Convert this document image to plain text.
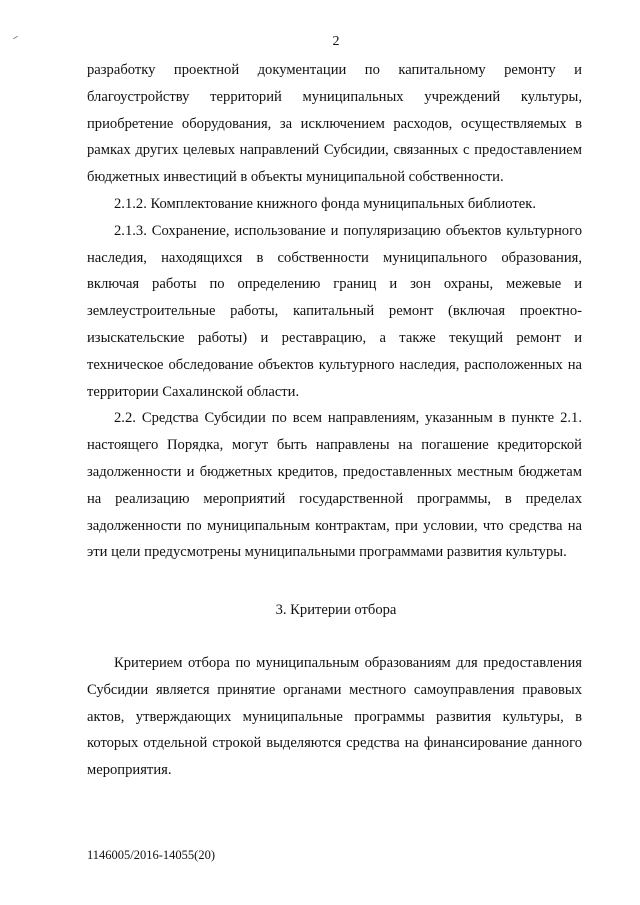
2

разработку проектной документации по капитальному ремонту и благоустройству территорий муниципальных учреждений культуры, приобретение оборудования, за исключением расходов, осуществляемых в рамках других целевых направлений Субсидии, связанных с предоставлением бюджетных инвестиций в объекты муниципальной собственности.

2.1.2. Комплектование книжного фонда муниципальных библиотек.

2.1.3. Сохранение, использование и популяризацию объектов культурного наследия, находящихся в собственности муниципального образования, включая работы по определению границ и зон охраны, межевые и землеустроительные работы, капитальный ремонт (включая проектно-изыскательские работы) и реставрацию, а также текущий ремонт и техническое обследование объектов культурного наследия, расположенных на территории Сахалинской области.

2.2. Средства Субсидии по всем направлениям, указанным в пункте 2.1. настоящего Порядка, могут быть направлены на погашение кредиторской задолженности и бюджетных кредитов, предоставленных местным бюджетам на реализацию мероприятий государственной программы, в пределах задолженности по муниципальным контрактам, при условии, что средства на эти цели предусмотрены муниципальными программами развития культуры.

3. Критерии отбора

Критерием отбора по муниципальным образованиям для предоставления Субсидии является принятие органами местного самоуправления правовых актов, утверждающих муниципальные программы развития культуры, в которых отдельной строкой выделяются средства на финансирование данного мероприятия.

1146005/2016-14055(20)
